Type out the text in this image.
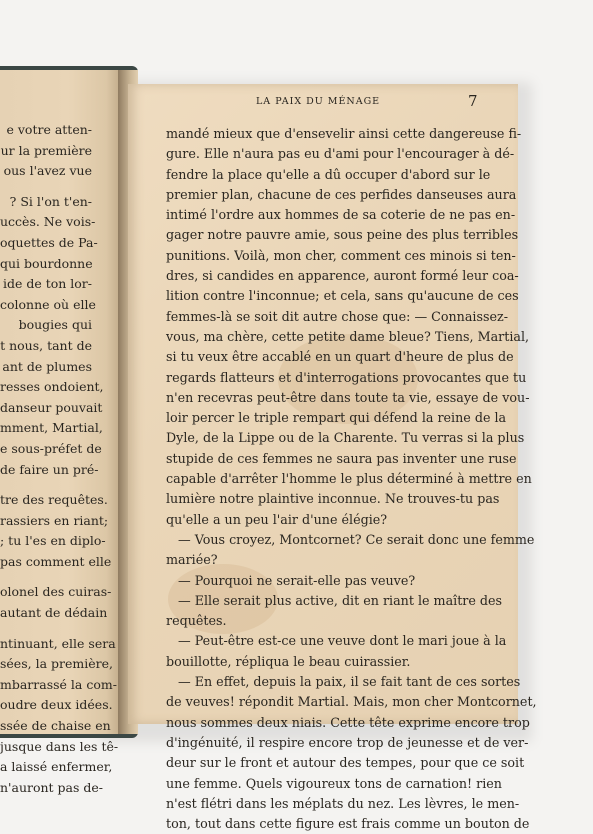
e votre atten-
ur la première
ous l'avez vue
? Si l'on t'en-
uccès. Ne vois-
oquettes de Pa-
qui bourdonne
ide de ton lor-
colonne où elle
bougies qui
t nous, tant de
ant de plumes
resses ondoient,
danseur pouvait
mment, Martial,
e sous-préfet de
de faire un pré-
tre des requêtes.
rassiers en riant;
; tu l'es en diplo-
pas comment elle
olonel des cuiras-
autant de dédain
ntinuant, elle sera
sées, la première,
mbarrassé la com-
oudre deux idées.
ssée de chaise en
jusque dans les tê-
a laissé enfermer,
n'auront pas de-
LA PAIX DU MÉNAGE	7
mandé mieux que d'ensevelir ainsi cette dangereuse fi-
gure. Elle n'aura pas eu d'ami pour l'encourager à dé-
fendre la place qu'elle a dû occuper d'abord sur le
premier plan, chacune de ces perfides danseuses aura
intimé l'ordre aux hommes de sa coterie de ne pas en-
gager notre pauvre amie, sous peine des plus terribles
punitions. Voilà, mon cher, comment ces minois si ten-
dres, si candides en apparence, auront formé leur coa-
lition contre l'inconnue; et cela, sans qu'aucune de ces
femmes-là se soit dit autre chose que: — Connaissez-
vous, ma chère, cette petite dame bleue? Tiens, Martial,
si tu veux être accablé en un quart d'heure de plus de
regards flatteurs et d'interrogations provocantes que tu
n'en recevras peut-être dans toute ta vie, essaye de vou-
loir percer le triple rempart qui défend la reine de la
Dyle, de la Lippe ou de la Charente. Tu verras si la plus
stupide de ces femmes ne saura pas inventer une ruse
capable d'arrêter l'homme le plus déterminé à mettre en
lumière notre plaintive inconnue. Ne trouves-tu pas
qu'elle a un peu l'air d'une élégie?
— Vous croyez, Montcornet? Ce serait donc une femme
mariée?
— Pourquoi ne serait-elle pas veuve?
— Elle serait plus active, dit en riant le maître des
requêtes.
— Peut-être est-ce une veuve dont le mari joue à la
bouillotte, répliqua le beau cuirassier.
— En effet, depuis la paix, il se fait tant de ces sortes
de veuves! répondit Martial. Mais, mon cher Montcornet,
nous sommes deux niais. Cette tête exprime encore trop
d'ingénuité, il respire encore trop de jeunesse et de ver-
deur sur le front et autour des tempes, pour que ce soit
une femme. Quels vigoureux tons de carnation! rien
n'est flétri dans les méplats du nez. Les lèvres, le men-
ton, tout dans cette figure est frais comme un bouton de
